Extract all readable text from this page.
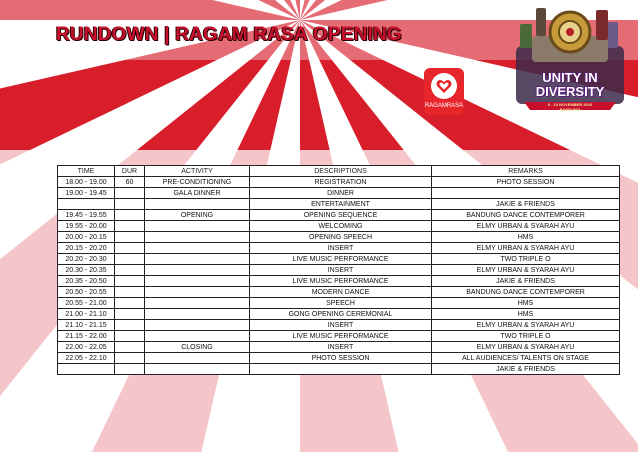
RUNDOWN | RAGAM RASA OPENING
RAGAMRASA
UNITY IN
DIVERSITY
9 - 10 NOVEMBER 2016
BANDUNG
TIME	DUR	ACTIVITY	DESCRIPTIONS	REMARKS
18.00 - 19.00	60	PRE-CONDITIONING	REGISTRATION	PHOTO SESSION
19.00 - 19.45		GALA DINNER	DINNER	
			ENTERTAINMENT	JAKIE & FRIENDS
19.45 - 19.55		OPENING	OPENING SEQUENCE	BANDUNG DANCE CONTEMPORER
19.55 - 20.00			WELCOMING	ELMY URBAN & SYARAH AYU
20.00 - 20.15			OPENING SPEECH	HMS
20.15 - 20.20			INSERT	ELMY URBAN & SYARAH AYU
20.20 - 20.30			LIVE MUSIC PERFORMANCE	TWO TRIPLE O
20.30 - 20.35			INSERT	ELMY URBAN & SYARAH AYU
20.35 - 20.50			LIVE MUSIC PERFORMANCE	JAKIE & FRIENDS
20.50 - 20.55			MODERN DANCE	BANDUNG DANCE CONTEMPORER
20.55 - 21.00			SPEECH	HMS
21.00 - 21.10			GONG OPENING CEREMONIAL	HMS
21.10 - 21.15			INSERT	ELMY URBAN & SYARAH AYU
21.15 - 22.00			LIVE MUSIC PERFORMANCE	TWO TRIPLE O
22.00 - 22.05		CLOSING	INSERT	ELMY URBAN & SYARAH AYU
22.05 - 22.10			PHOTO SESSION	ALL AUDIENCES/ TALENTS ON STAGE
				JAKIE & FRIENDS
